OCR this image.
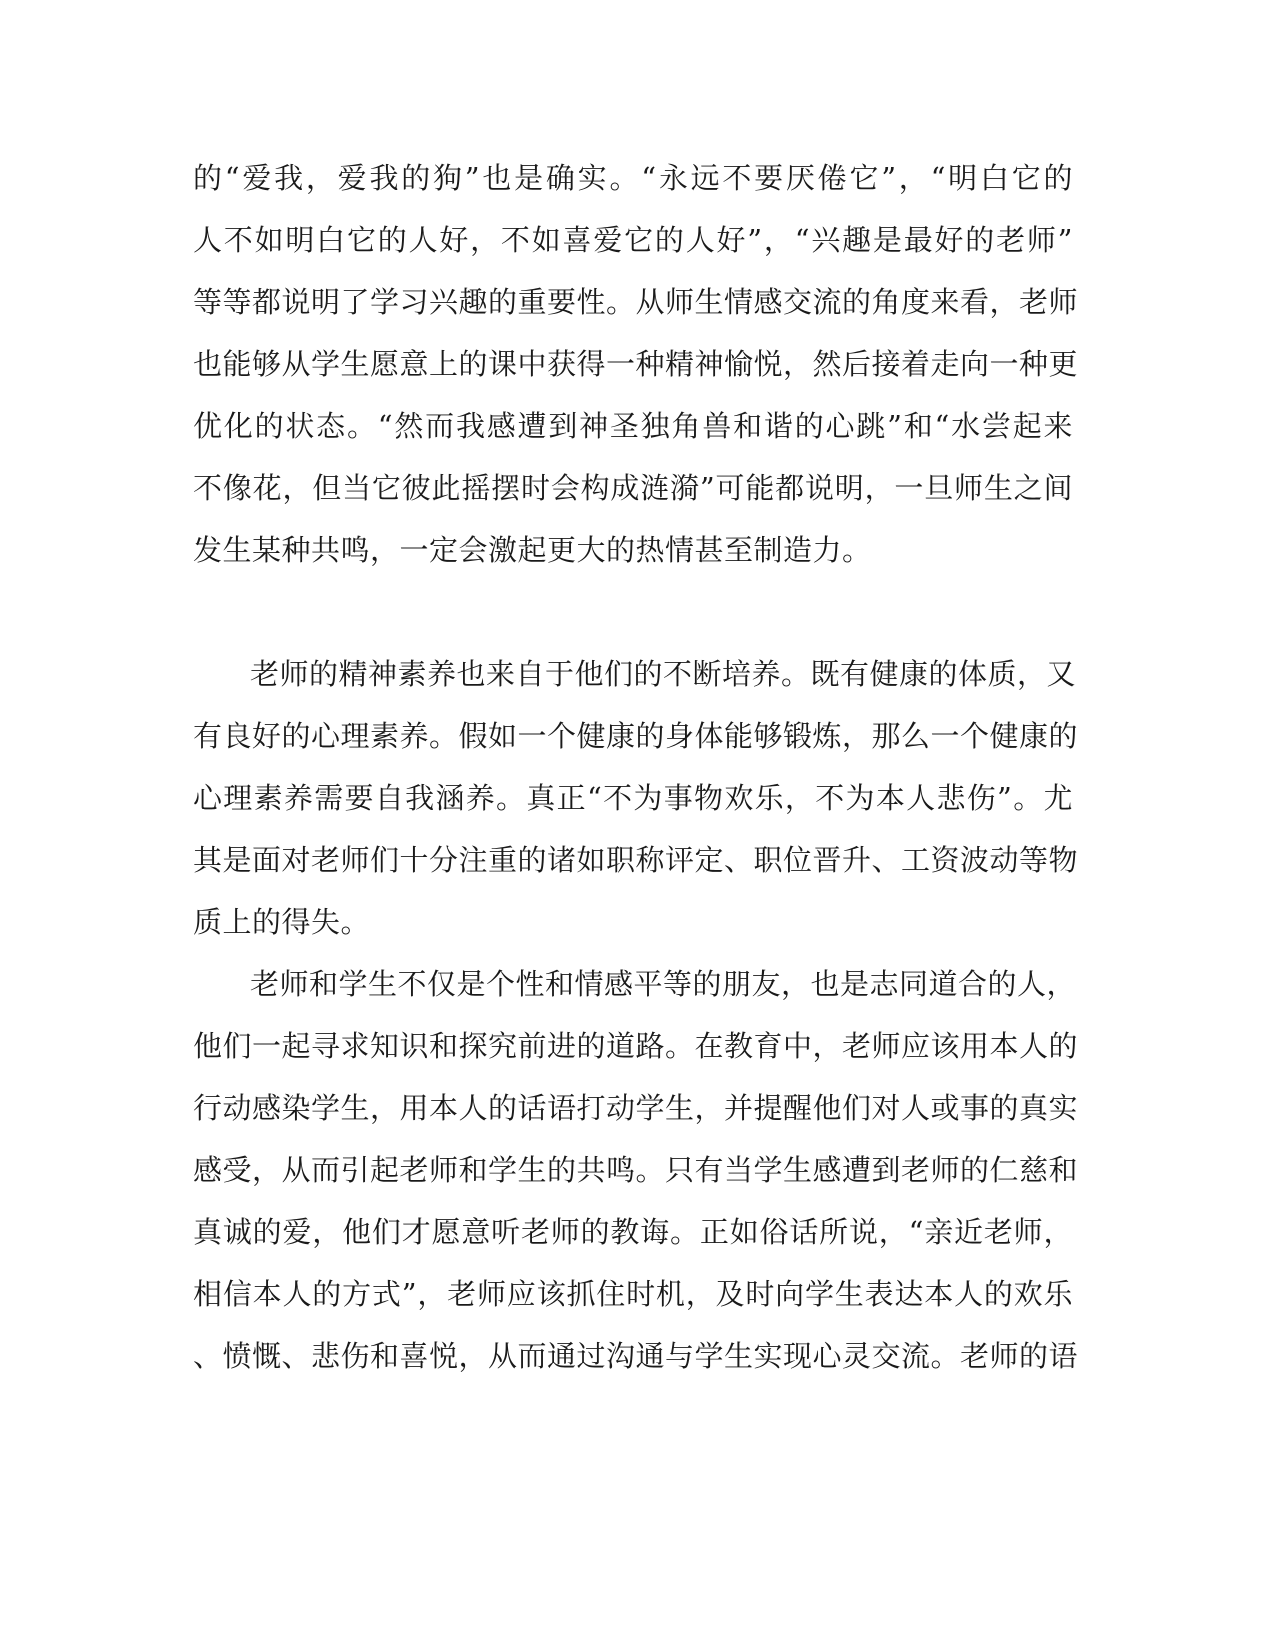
的“爱我，爱我的狗”也是确实。“永远不要厌倦它”，“明白它的
人不如明白它的人好，不如喜爱它的人好”，“兴趣是最好的老师”
等等都说明了学习兴趣的重要性。从师生情感交流的角度来看，老师
也能够从学生愿意上的课中获得一种精神愉悦，然后接着走向一种更
优化的状态。“然而我感遭到神圣独角兽和谐的心跳”和“水尝起来
不像花，但当它彼此摇摆时会构成涟漪”可能都说明，一旦师生之间
发生某种共鸣，一定会激起更大的热情甚至制造力。
老师的精神素养也来自于他们的不断培养。既有健康的体质，又
有良好的心理素养。假如一个健康的身体能够锻炼，那么一个健康的
心理素养需要自我涵养。真正“不为事物欢乐，不为本人悲伤”。尤
其是面对老师们十分注重的诸如职称评定、职位晋升、工资波动等物
质上的得失。
老师和学生不仅是个性和情感平等的朋友，也是志同道合的人，
他们一起寻求知识和探究前进的道路。在教育中，老师应该用本人的
行动感染学生，用本人的话语打动学生，并提醒他们对人或事的真实
感受，从而引起老师和学生的共鸣。只有当学生感遭到老师的仁慈和
真诚的爱，他们才愿意听老师的教诲。正如俗话所说，“亲近老师，
相信本人的方式”，老师应该抓住时机，及时向学生表达本人的欢乐
、愤慨、悲伤和喜悦，从而通过沟通与学生实现心灵交流。老师的语
